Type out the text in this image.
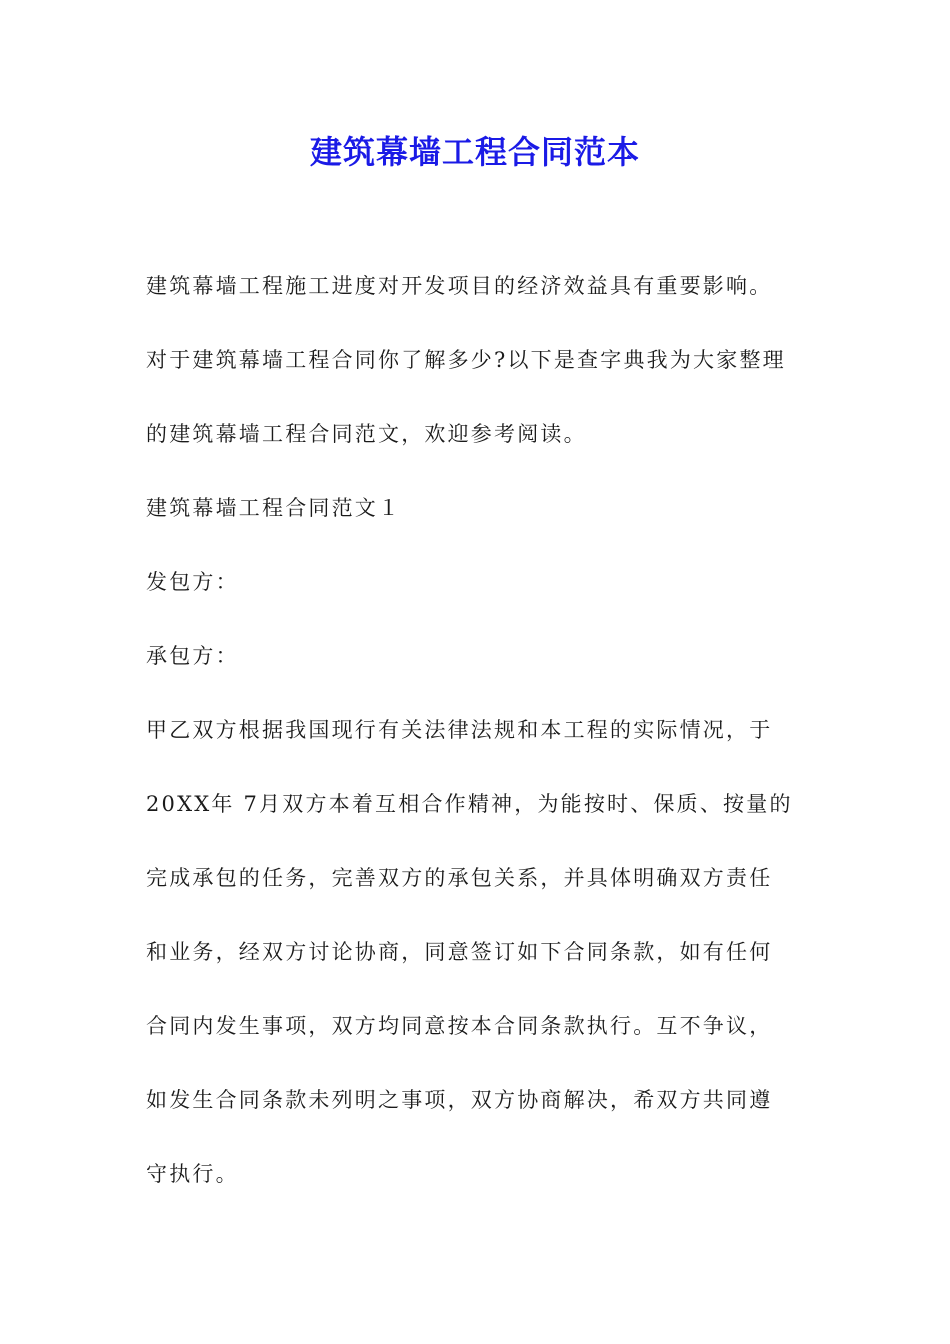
建筑幕墙工程合同范本
建筑幕墙工程施工进度对开发项目的经济效益具有重要影响。
对于建筑幕墙工程合同你了解多少?以下是查字典我为大家整理
的建筑幕墙工程合同范文，欢迎参考阅读。
建筑幕墙工程合同范文１
发包方：
承包方：
甲乙双方根据我国现行有关法律法规和本工程的实际情况，于
20XX年 7月双方本着互相合作精神，为能按时、保质、按量的
完成承包的任务，完善双方的承包关系，并具体明确双方责任
和业务，经双方讨论协商，同意签订如下合同条款，如有任何
合同内发生事项，双方均同意按本合同条款执行。互不争议，
如发生合同条款未列明之事项，双方协商解决，希双方共同遵
守执行。
